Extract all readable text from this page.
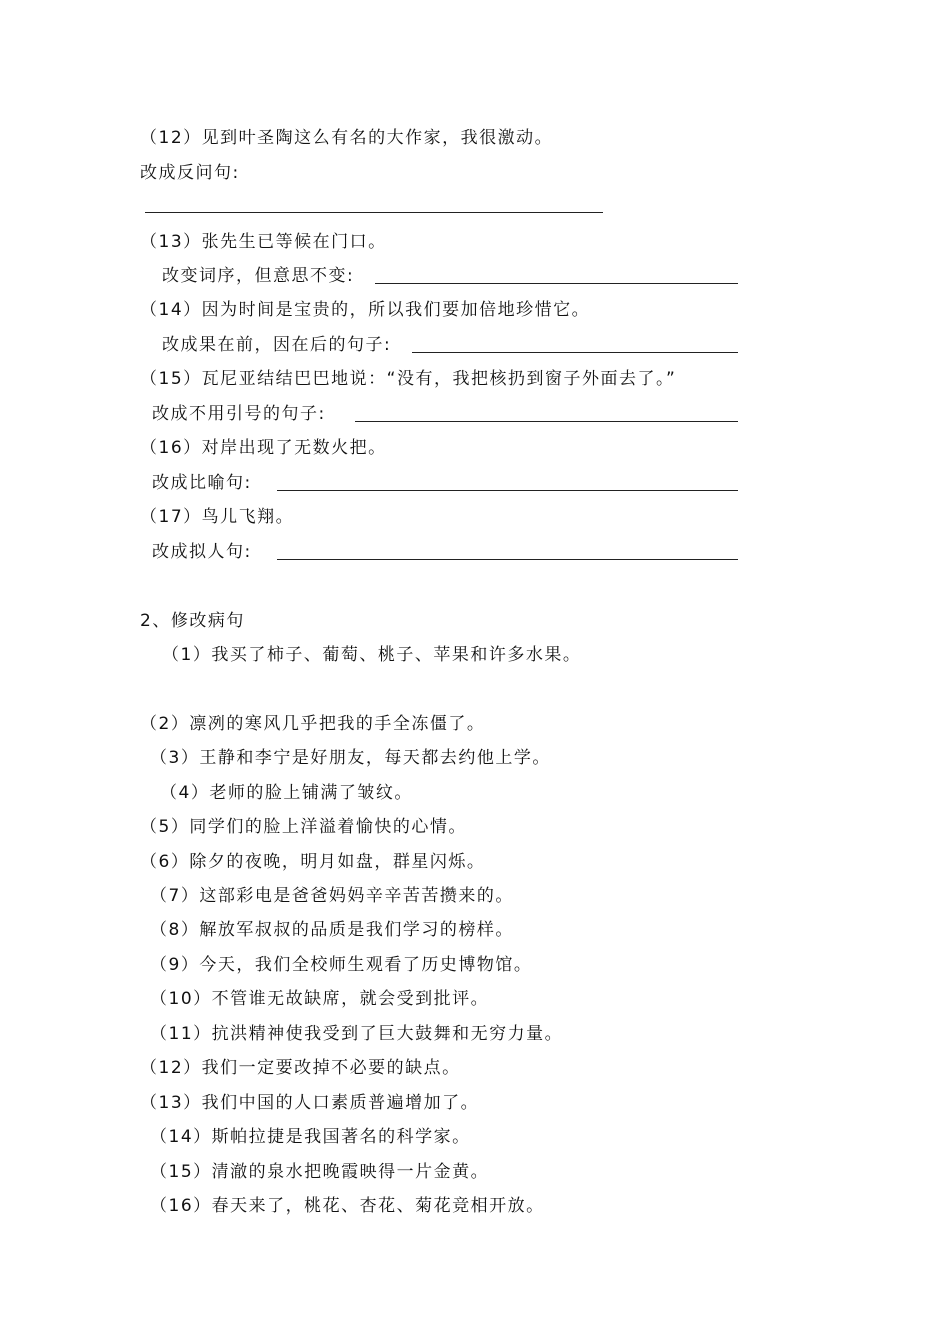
（12）见到叶圣陶这么有名的大作家，我很激动。
改成反问句:
（13）张先生已等候在门口。
改变词序，但意思不变:
（14）因为时间是宝贵的，所以我们要加倍地珍惜它。
改成果在前，因在后的句子:
（15）瓦尼亚结结巴巴地说：“没有，我把核扔到窗子外面去了。”
改成不用引号的句子:
（16）对岸出现了无数火把。
改成比喻句:
（17）鸟儿飞翔。
改成拟人句:
2、修改病句
（1）我买了柿子、葡萄、桃子、苹果和许多水果。
（2）凛冽的寒风几乎把我的手全冻僵了。
（3）王静和李宁是好朋友，每天都去约他上学。
（4）老师的脸上铺满了皱纹。
（5）同学们的脸上洋溢着愉快的心情。
（6）除夕的夜晚，明月如盘，群星闪烁。
（7）这部彩电是爸爸妈妈辛辛苦苦攒来的。
（8）解放军叔叔的品质是我们学习的榜样。
（9）今天，我们全校师生观看了历史博物馆。
（10）不管谁无故缺席，就会受到批评。
（11）抗洪精神使我受到了巨大鼓舞和无穷力量。
（12）我们一定要改掉不必要的缺点。
（13）我们中国的人口素质普遍增加了。
（14）斯帕拉捷是我国著名的科学家。
（15）清澈的泉水把晚霞映得一片金黄。
（16）春天来了，桃花、杏花、菊花竞相开放。
